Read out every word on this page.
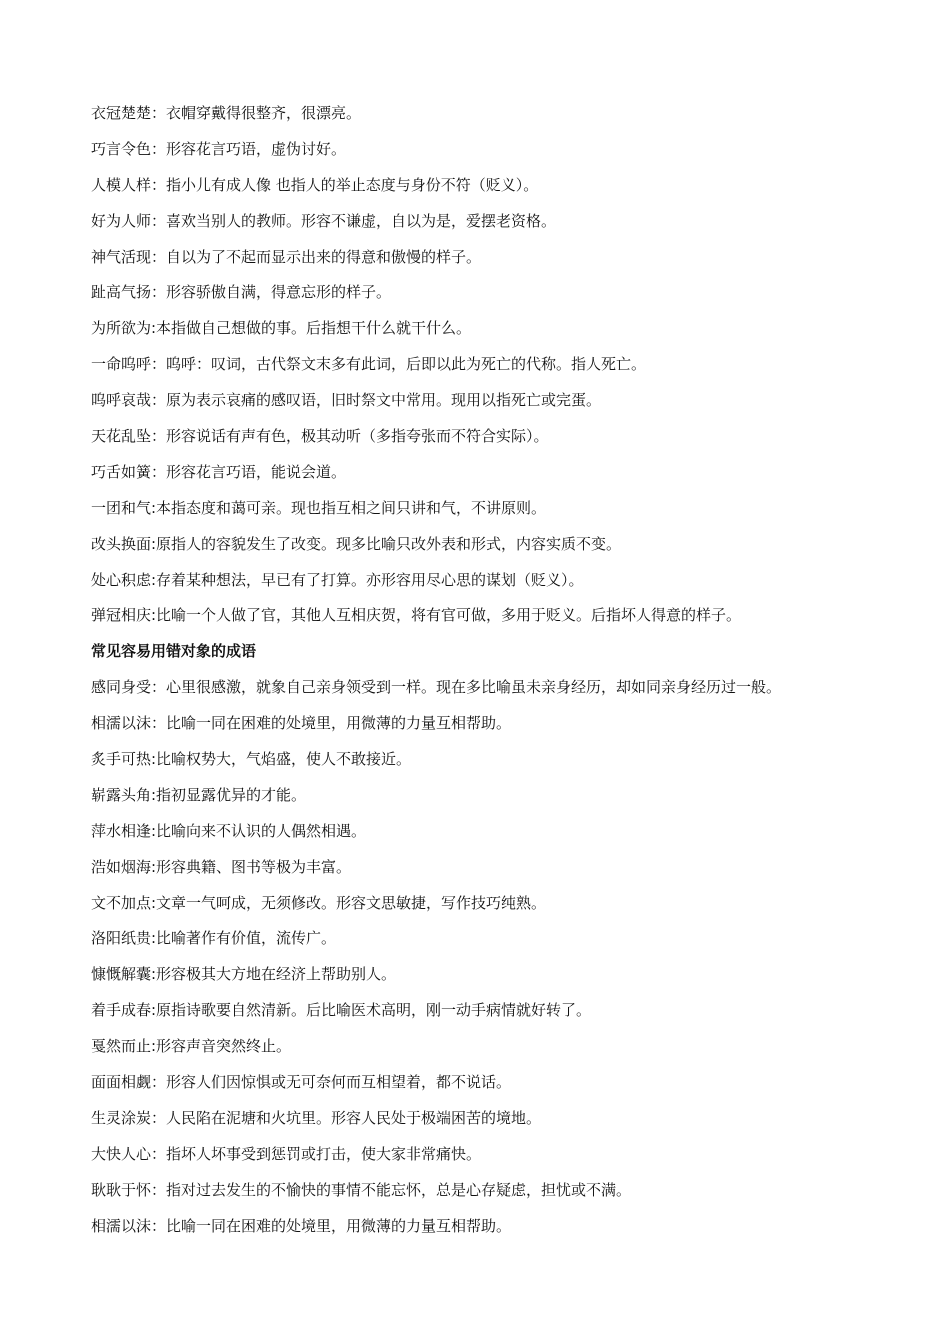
衣冠楚楚：衣帽穿戴得很整齐，很漂亮。
巧言令色：形容花言巧语，虚伪讨好。
人模人样：指小儿有成人像 也指人的举止态度与身份不符（贬义）。
好为人师：喜欢当别人的教师。形容不谦虚，自以为是，爱摆老资格。
神气活现：自以为了不起而显示出来的得意和傲慢的样子。
趾高气扬：形容骄傲自满，得意忘形的样子。
为所欲为:本指做自己想做的事。后指想干什么就干什么。
一命呜呼：呜呼：叹词，古代祭文末多有此词，后即以此为死亡的代称。指人死亡。
呜呼哀哉：原为表示哀痛的感叹语，旧时祭文中常用。现用以指死亡或完蛋。
天花乱坠：形容说话有声有色，极其动听（多指夸张而不符合实际）。
巧舌如簧：形容花言巧语，能说会道。
一团和气:本指态度和蔼可亲。现也指互相之间只讲和气，不讲原则。
改头换面:原指人的容貌发生了改变。现多比喻只改外表和形式，内容实质不变。
处心积虑:存着某种想法，早已有了打算。亦形容用尽心思的谋划（贬义）。
弹冠相庆:比喻一个人做了官，其他人互相庆贺，将有官可做，多用于贬义。后指坏人得意的样子。
常见容易用错对象的成语
感同身受：心里很感激，就象自己亲身领受到一样。现在多比喻虽未亲身经历，却如同亲身经历过一般。
相濡以沫：比喻一同在困难的处境里，用微薄的力量互相帮助。
炙手可热:比喻权势大，气焰盛，使人不敢接近。
崭露头角:指初显露优异的才能。
萍水相逢:比喻向来不认识的人偶然相遇。
浩如烟海:形容典籍、图书等极为丰富。
文不加点:文章一气呵成，无须修改。形容文思敏捷，写作技巧纯熟。
洛阳纸贵:比喻著作有价值，流传广。
慷慨解囊:形容极其大方地在经济上帮助别人。
着手成春:原指诗歌要自然清新。后比喻医术高明，刚一动手病情就好转了。
戛然而止:形容声音突然终止。
面面相觑：形容人们因惊惧或无可奈何而互相望着，都不说话。
生灵涂炭：人民陷在泥塘和火坑里。形容人民处于极端困苦的境地。
大快人心：指坏人坏事受到惩罚或打击，使大家非常痛快。
耿耿于怀：指对过去发生的不愉快的事情不能忘怀，总是心存疑虑，担忧或不满。
相濡以沫：比喻一同在困难的处境里，用微薄的力量互相帮助。
